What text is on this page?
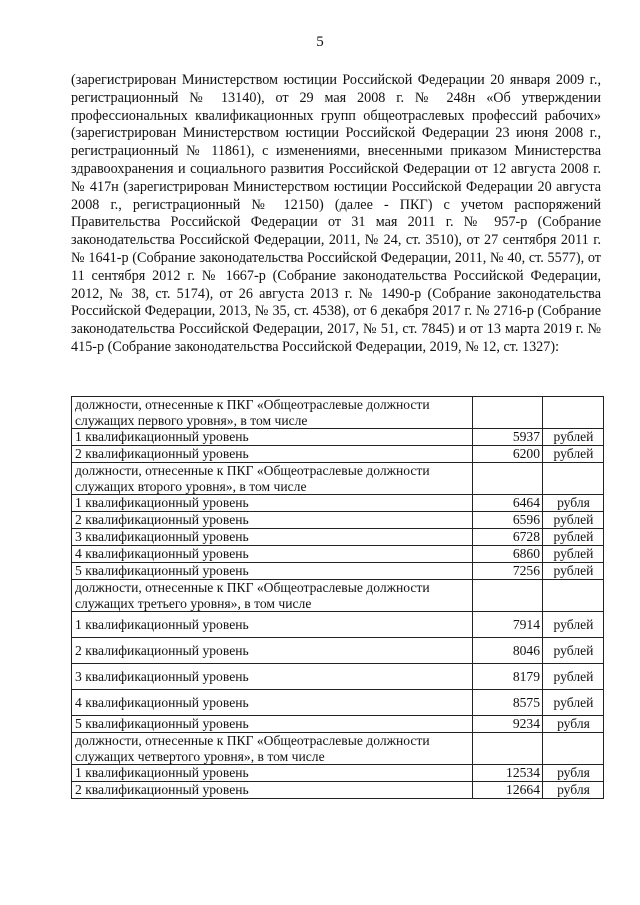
5
(зарегистрирован Министерством юстиции Российской Федерации 20 января 2009 г., регистрационный № 13140), от 29 мая 2008 г. № 248н «Об утверждении профессиональных квалификационных групп общеотраслевых профессий рабочих» (зарегистрирован Министерством юстиции Российской Федерации 23 июня 2008 г., регистрационный № 11861), с изменениями, внесенными приказом Министерства здравоохранения и социального развития Российской Федерации от 12 августа 2008 г. № 417н (зарегистрирован Министерством юстиции Российской Федерации 20 августа 2008 г., регистрационный № 12150) (далее - ПКГ) с учетом распоряжений Правительства Российской Федерации от 31 мая 2011 г. № 957-р (Собрание законодательства Российской Федерации, 2011, № 24, ст. 3510), от 27 сентября 2011 г. № 1641-р (Собрание законодательства Российской Федерации, 2011, № 40, ст. 5577), от 11 сентября 2012 г. № 1667-р (Собрание законодательства Российской Федерации, 2012, № 38, ст. 5174), от 26 августа 2013 г. № 1490-р (Собрание законодательства Российской Федерации, 2013, № 35, ст. 4538), от 6 декабря 2017 г. № 2716-р (Собрание законодательства Российской Федерации, 2017, № 51, ст. 7845) и от 13 марта 2019 г. № 415-р (Собрание законодательства Российской Федерации, 2019, № 12, ст. 1327):
должности, отнесенные к ПКГ «Общеотраслевые должности служащих первого уровня», в том числе		
1 квалификационный уровень	5937	рублей
2 квалификационный уровень	6200	рублей
должности, отнесенные к ПКГ «Общеотраслевые должности служащих второго уровня», в том числе		
1 квалификационный уровень	6464	рубля
2 квалификационный уровень	6596	рублей
3 квалификационный уровень	6728	рублей
4 квалификационный уровень	6860	рублей
5 квалификационный уровень	7256	рублей
должности, отнесенные к ПКГ «Общеотраслевые должности служащих третьего уровня», в том числе		
1 квалификационный уровень	7914	рублей
2 квалификационный уровень	8046	рублей
3 квалификационный уровень	8179	рублей
4 квалификационный уровень	8575	рублей
5 квалификационный уровень	9234	рубля
должности, отнесенные к ПКГ «Общеотраслевые должности служащих четвертого уровня», в том числе		
1 квалификационный уровень	12534	рубля
2 квалификационный уровень	12664	рубля
